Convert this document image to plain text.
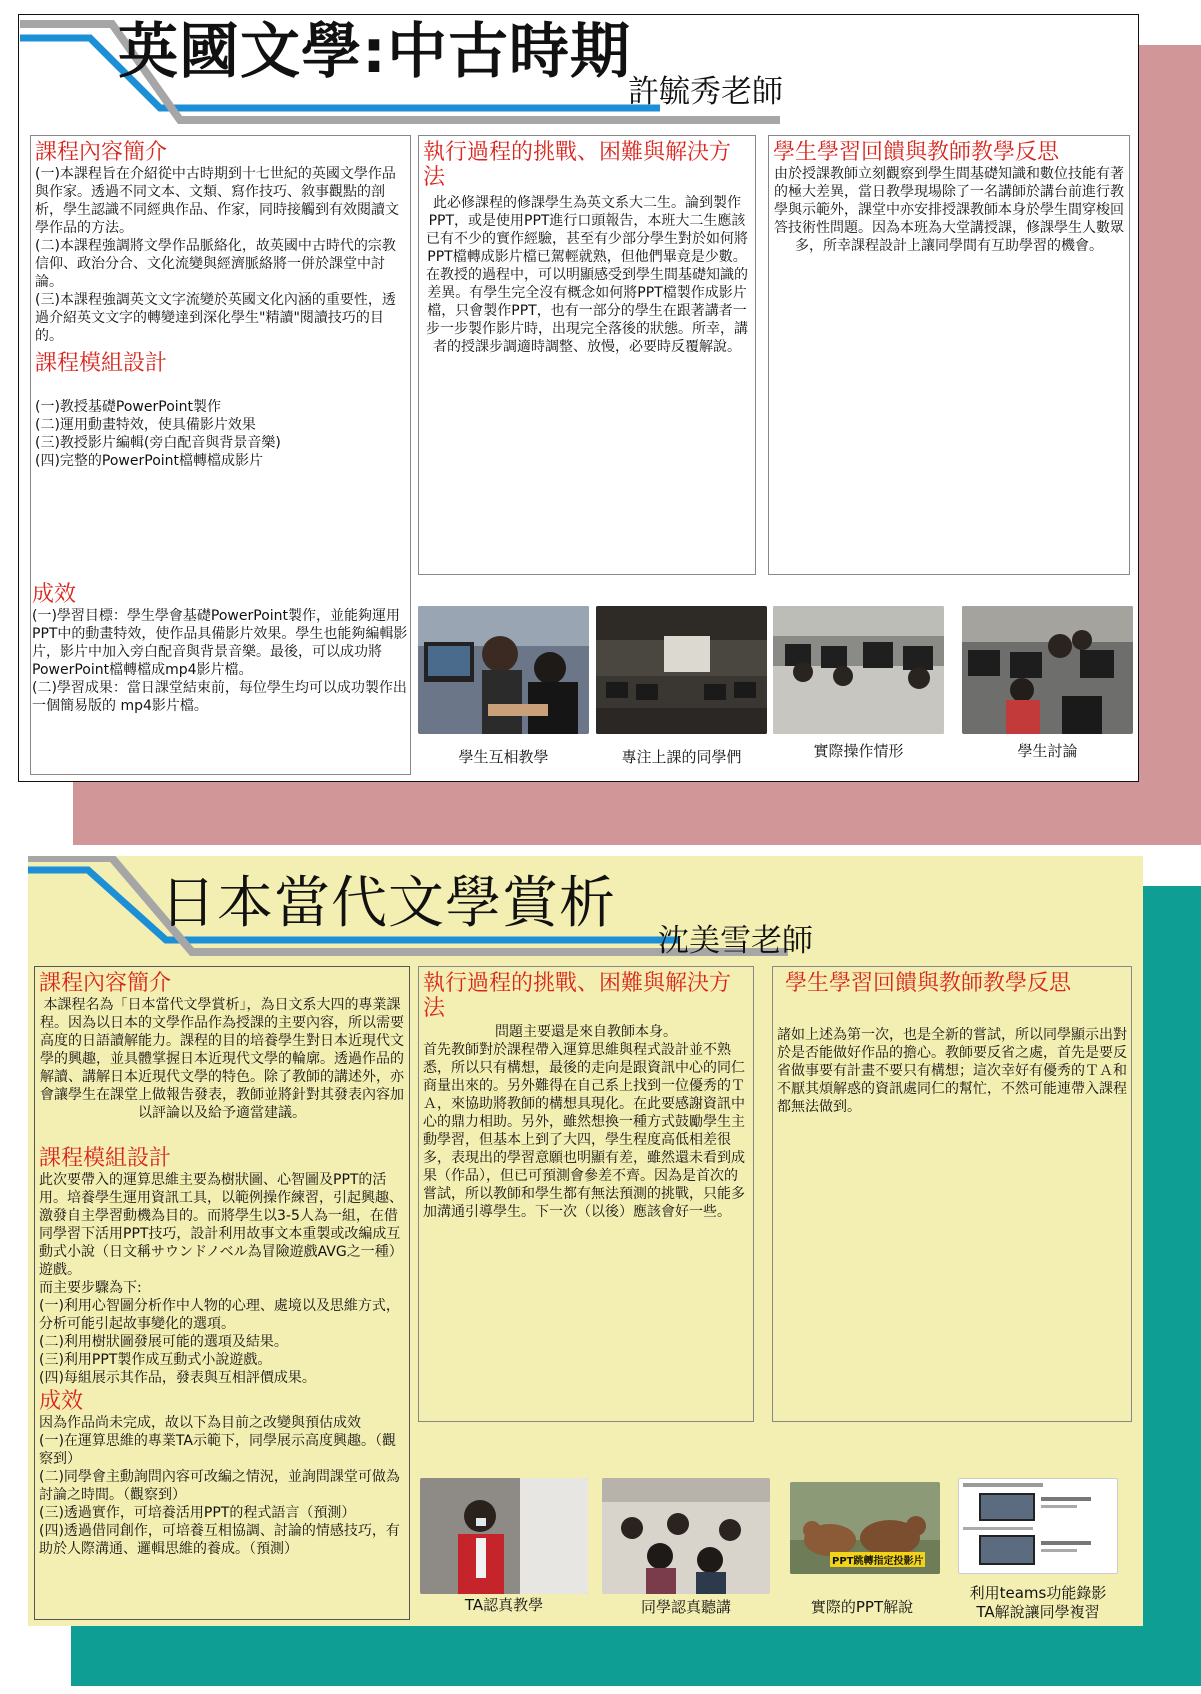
英國文學:中古時期
許毓秀老師
課程內容簡介

(一)本課程旨在介紹從中古時期到十七世紀的英國文學作品與作家。透過不同文本、文類、寫作技巧、敘事觀點的剖析，學生認識不同經典作品、作家，同時接觸到有效閱讀文學作品的方法。
(二)本課程強調將文學作品脈絡化，故英國中古時代的宗教信仰、政治分合、文化流變與經濟脈絡將一併於課堂中討論。
(三)本課程強調英文文字流變於英國文化內涵的重要性，透過介紹英文文字的轉變達到深化學生"精讀"閱讀技巧的目的。

課程模組設計

(一)教授基礎PowerPoint製作
(二)運用動畫特效，使具備影片效果
(三)教授影片編輯(旁白配音與背景音樂)
(四)完整的PowerPoint檔轉檔成影片

成效

(一)學習目標：學生學會基礎PowerPoint製作，並能夠運用PPT中的動畫特效，使作品具備影片效果。學生也能夠編輯影片，影片中加入旁白配音與背景音樂。最後，可以成功將PowerPoint檔轉檔成mp4影片檔。
(二)學習成果：當日課堂結束前，每位學生均可以成功製作出一個簡易版的 mp4影片檔。

執行過程的挑戰、困難與解決方法

此必修課程的修課學生為英文系大二生。論到製作PPT，或是使用PPT進行口頭報告，本班大二生應該已有不少的實作經驗，甚至有少部分學生對於如何將PPT檔轉成影片檔已駕輕就熟，但他們畢竟是少數。在教授的過程中，可以明顯感受到學生間基礎知識的差異。有學生完全沒有概念如何將PPT檔製作成影片檔，只會製作PPT，也有一部分的學生在跟著講者一步一步製作影片時，出現完全落後的狀態。所幸，講者的授課步調適時調整、放慢，必要時反覆解說。

學生學習回饋與教師教學反思

由於授課教師立刻觀察到學生間基礎知識和數位技能有著的極大差異，當日教學現場除了一名講師於講台前進行教學與示範外，課堂中亦安排授課教師本身於學生間穿梭回答技術性問題。因為本班為大堂講授課，修課學生人數眾多，所幸課程設計上讓同學間有互助學習的機會。

學生互相教學	專注上課的同學們	實際操作情形	學生討論
日本當代文學賞析
沈美雪老師
課程內容簡介

本課程名為「日本當代文學賞析」，為日文系大四的專業課程。因為以日本的文學作品作為授課的主要內容，所以需要高度的日語讀解能力。課程的目的培養學生對日本近現代文學的興趣，並具體掌握日本近現代文學的輪廓。透過作品的解讀、講解日本近現代文學的特色。除了教師的講述外，亦會讓學生在課堂上做報告發表，教師並將針對其發表內容加以評論以及給予適當建議。

課程模組設計

此次要帶入的運算思維主要為樹狀圖、心智圖及PPT的活用。培養學生運用資訊工具，以範例操作練習，引起興趣、激發自主學習動機為目的。而將學生以3-5人為一組，在借同學習下活用PPT技巧，設計利用故事文本重製或改編成互動式小說（日文稱サウンドノベル為冒險遊戲AVG之一種）遊戲。
而主要步驟為下:
(一)利用心智圖分析作中人物的心理、處境以及思維方式，分析可能引起故事變化的選項。
(二)利用樹狀圖發展可能的選項及結果。
(三)利用PPT製作成互動式小說遊戲。
(四)每組展示其作品，發表與互相評價成果。

成效

因為作品尚未完成，故以下為目前之改變與預估成效
(一)在運算思維的專業TA示範下，同學展示高度興趣。（觀察到）
(二)同學會主動詢問內容可改編之情況，並詢問課堂可做為討論之時間。（觀察到）
(三)透過實作，可培養活用PPT的程式語言（預測）
(四)透過借同創作，可培養互相協調、討論的情感技巧，有助於人際溝通、邏輯思維的養成。（預測）

執行過程的挑戰、困難與解決方法

問題主要還是來自教師本身。

首先教師對於課程帶入運算思維與程式設計並不熟悉，所以只有構想，最後的走向是跟資訊中心的同仁商量出來的。另外難得在自己系上找到一位優秀的ＴＡ，來協助將教師的構想具現化。在此要感謝資訊中心的鼎力相助。另外，雖然想換一種方式鼓勵學生主動學習，但基本上到了大四，學生程度高低相差很多，表現出的學習意願也明顯有差，雖然還未看到成果（作品），但已可預測會參差不齊。因為是首次的嘗試，所以教師和學生都有無法預測的挑戰，只能多加溝通引導學生。下一次（以後）應該會好一些。

學生學習回饋與教師教學反思

諸如上述為第一次，也是全新的嘗試，所以同學顯示出對於是否能做好作品的擔心。教師要反省之處，首先是要反省做事要有計畫不要只有構想；這次幸好有優秀的ＴＡ和不厭其煩解惑的資訊處同仁的幫忙，不然可能連帶入課程都無法做到。

PPT跳轉指定投影片
TA認真教學	同學認真聽講	實際的PPT解說
利用teams功能錄影
TA解說讓同學複習
